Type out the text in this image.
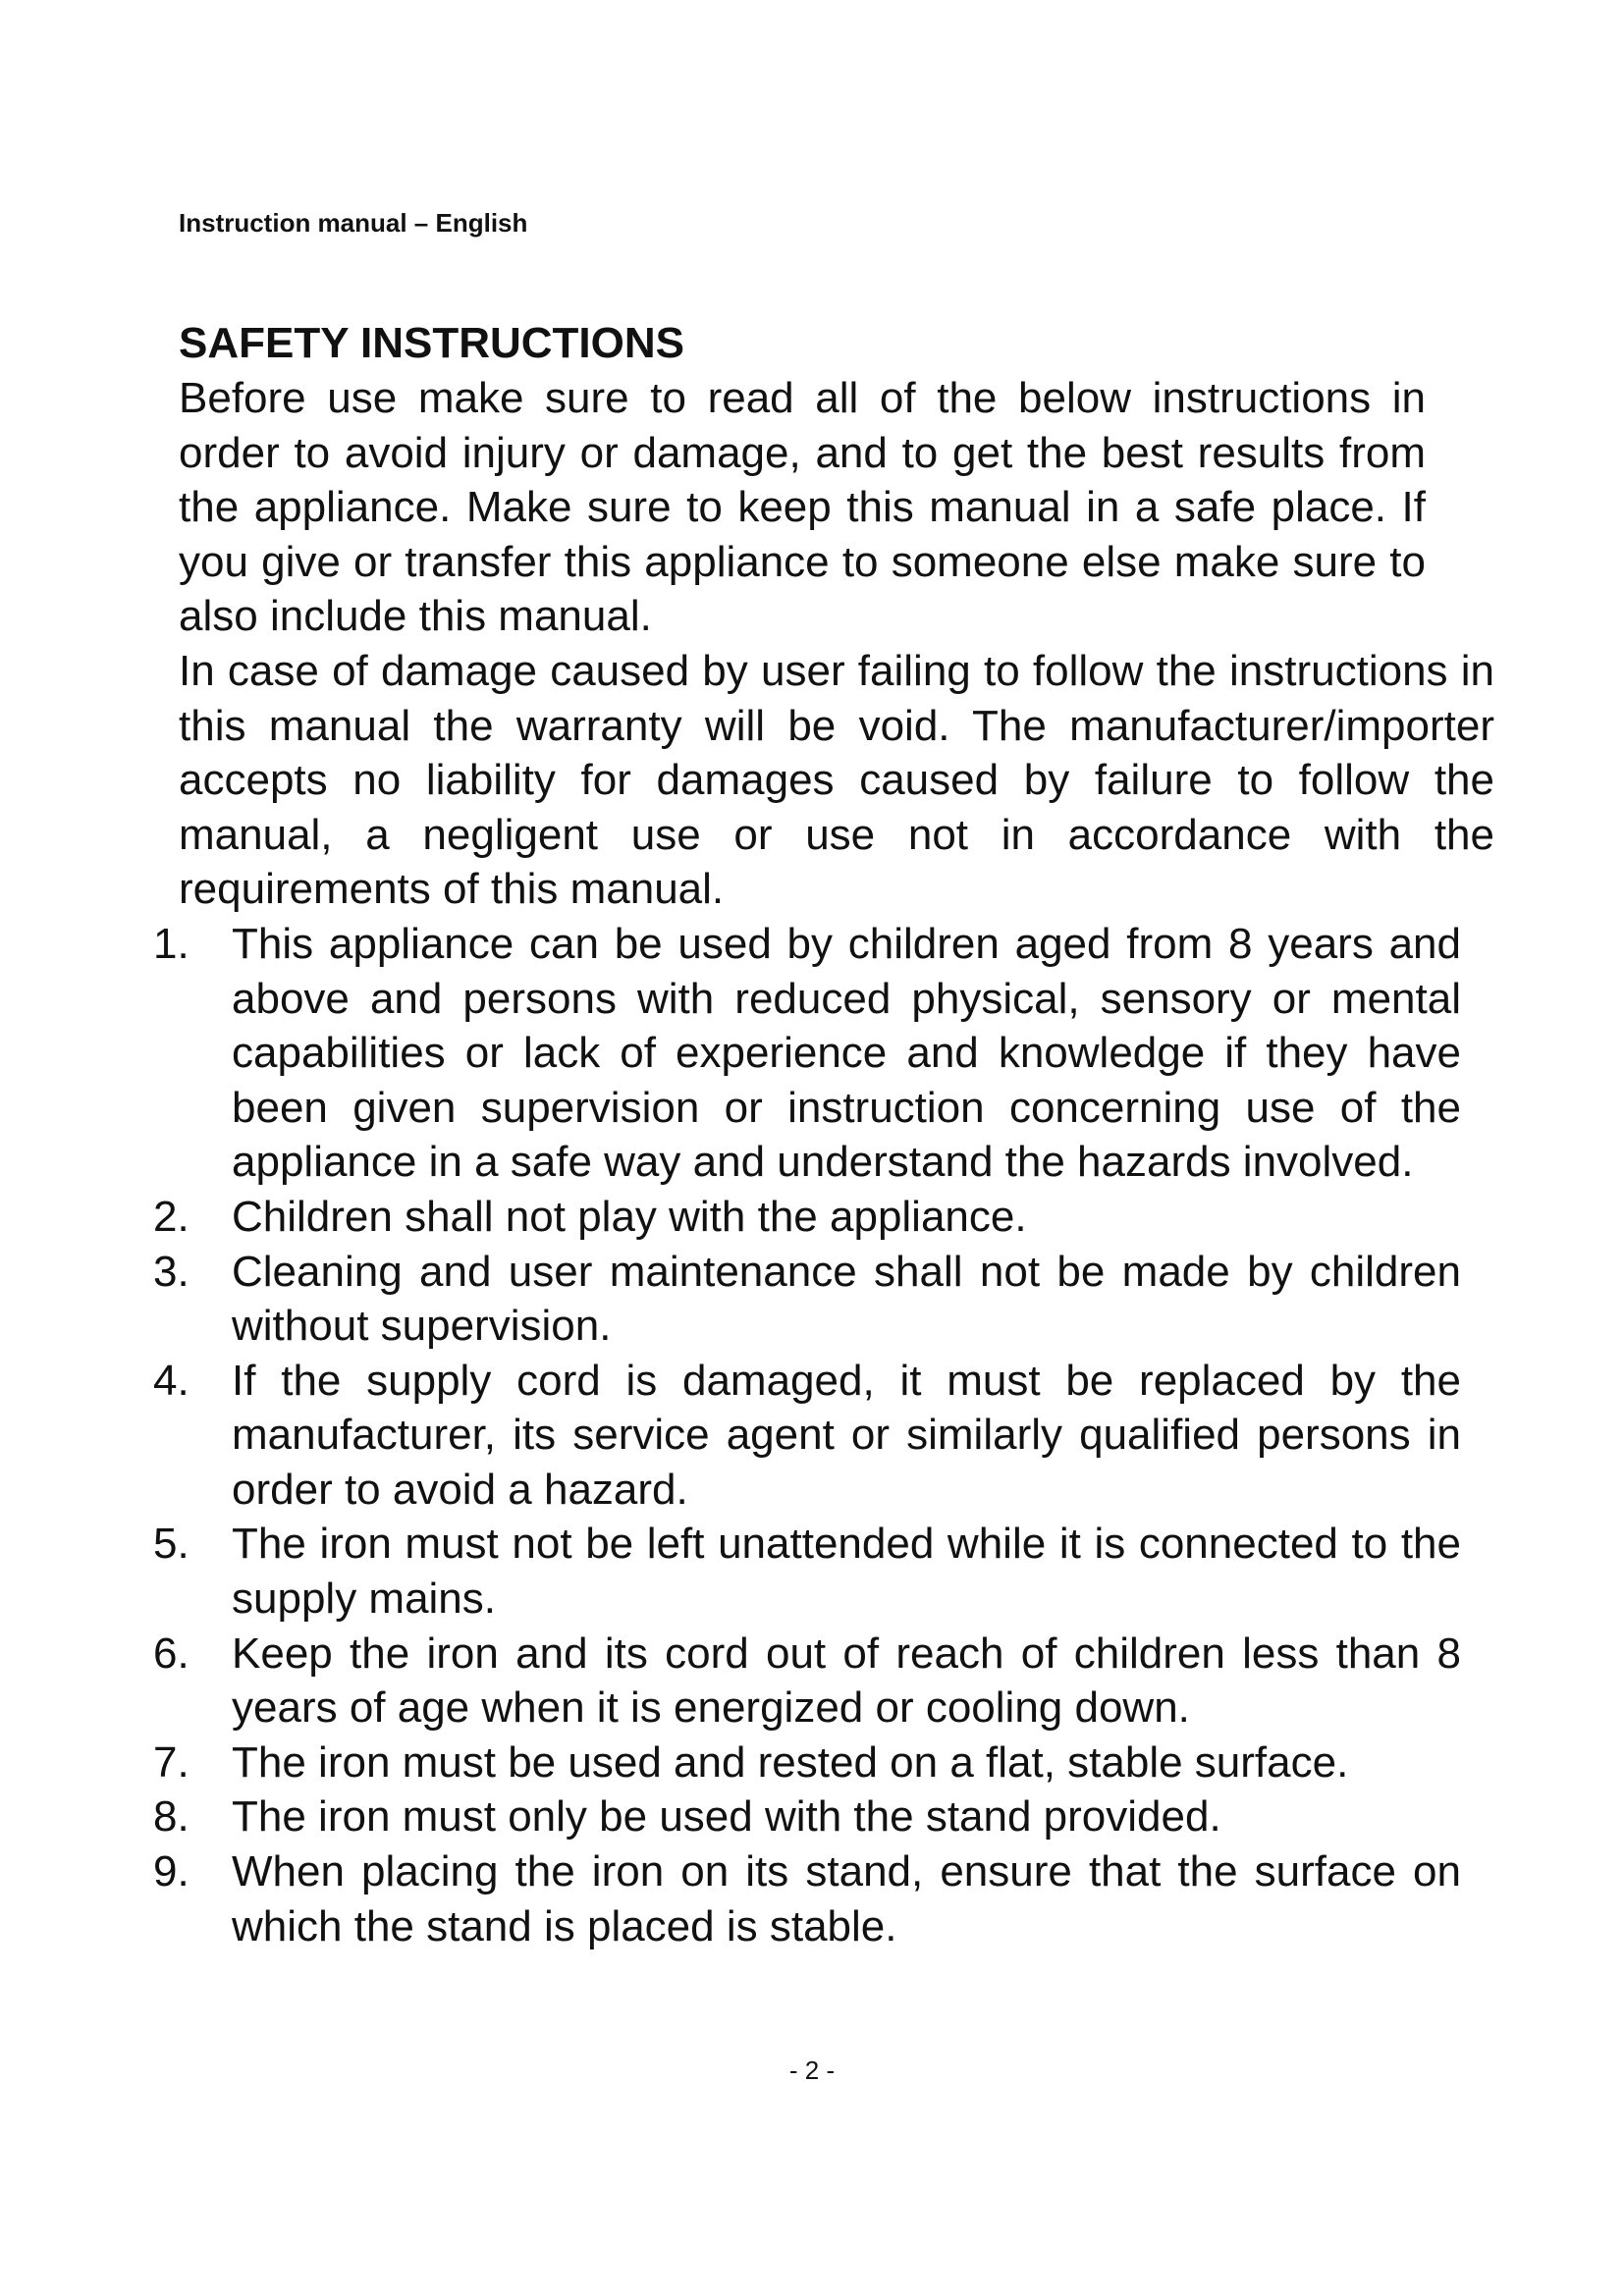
Instruction manual – English
SAFETY INSTRUCTIONS

Before use make sure to read all of the below instructions in order to avoid injury or damage, and to get the best results from the appliance. Make sure to keep this manual in a safe place. If you give or transfer this appliance to someone else make sure to also include this manual.

In case of damage caused by user failing to follow the instructions in this manual the warranty will be void. The manufacturer/importer accepts no liability for damages caused by failure to follow the manual, a negligent use or use not in accordance with the requirements of this manual.

1. This appliance can be used by children aged from 8 years and above and persons with reduced physical, sensory or mental capabilities or lack of experience and knowledge if they have been given supervision or instruction concerning use of the appliance in a safe way and understand the hazards involved.
2. Children shall not play with the appliance.
3. Cleaning and user maintenance shall not be made by children without supervision.
4. If the supply cord is damaged, it must be replaced by the manufacturer, its service agent or similarly qualified persons in order to avoid a hazard.
5. The iron must not be left unattended while it is connected to the supply mains.
6. Keep the iron and its cord out of reach of children less than 8 years of age when it is energized or cooling down.
7. The iron must be used and rested on a flat, stable surface.
8. The iron must only be used with the stand provided.
9. When placing the iron on its stand, ensure that the surface on which the stand is placed is stable.
- 2 -
